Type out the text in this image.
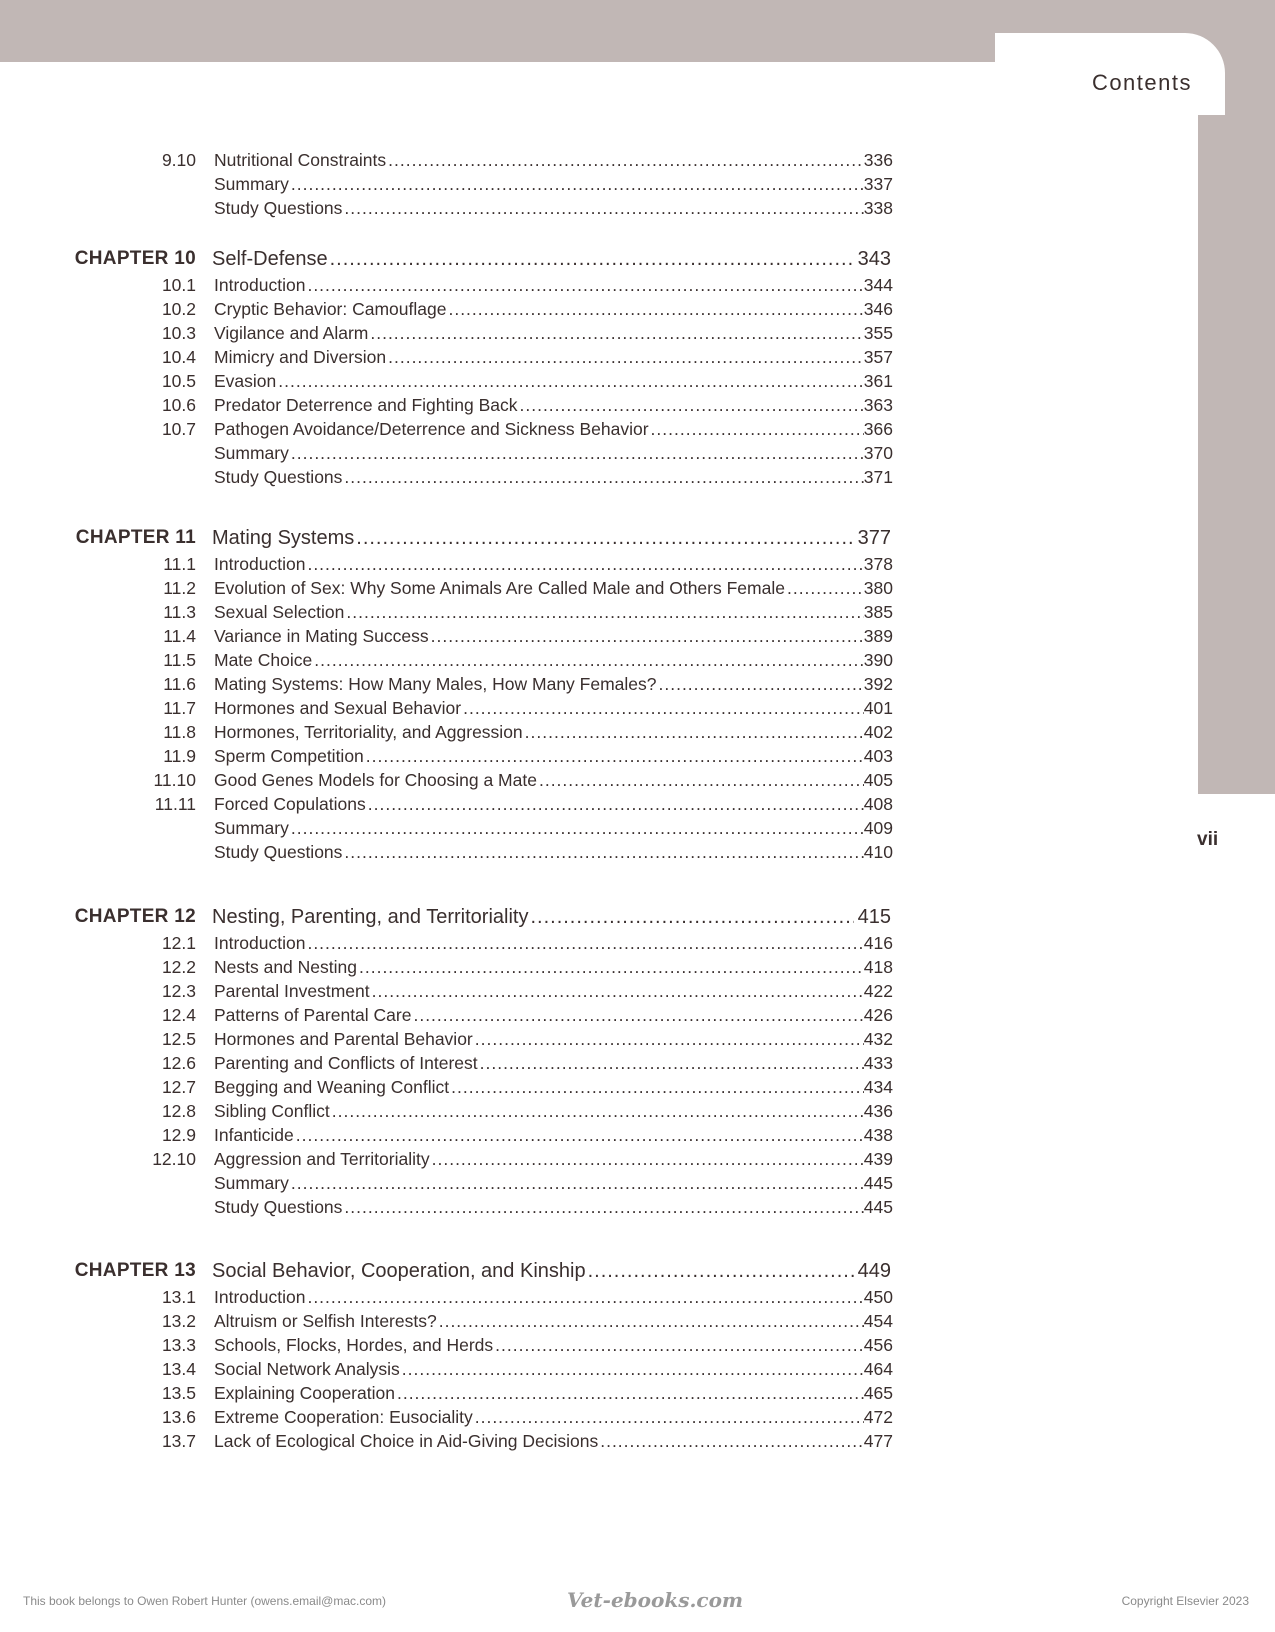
Contents
vii
9.10 Nutritional Constraints .....	336
Summary .....	337
Study Questions .....	338
CHAPTER 10 Self-Defense .....	343
10.1 Introduction .....	344
10.2 Cryptic Behavior: Camouflage .....	346
10.3 Vigilance and Alarm .....	355
10.4 Mimicry and Diversion .....	357
10.5 Evasion .....	361
10.6 Predator Deterrence and Fighting Back .....	363
10.7 Pathogen Avoidance/Deterrence and Sickness Behavior .....	366
Summary .....	370
Study Questions .....	371
CHAPTER 11 Mating Systems .....	377
11.1 Introduction .....	378
11.2 Evolution of Sex: Why Some Animals Are Called Male and Others Female .....	380
11.3 Sexual Selection .....	385
11.4 Variance in Mating Success .....	389
11.5 Mate Choice .....	390
11.6 Mating Systems: How Many Males, How Many Females? .....	392
11.7 Hormones and Sexual Behavior .....	401
11.8 Hormones, Territoriality, and Aggression .....	402
11.9 Sperm Competition .....	403
11.10 Good Genes Models for Choosing a Mate .....	405
11.11 Forced Copulations .....	408
Summary .....	409
Study Questions .....	410
CHAPTER 12 Nesting, Parenting, and Territoriality .....	415
12.1 Introduction .....	416
12.2 Nests and Nesting .....	418
12.3 Parental Investment .....	422
12.4 Patterns of Parental Care .....	426
12.5 Hormones and Parental Behavior .....	432
12.6 Parenting and Conflicts of Interest .....	433
12.7 Begging and Weaning Conflict .....	434
12.8 Sibling Conflict .....	436
12.9 Infanticide .....	438
12.10 Aggression and Territoriality .....	439
Summary .....	445
Study Questions .....	445
CHAPTER 13 Social Behavior, Cooperation, and Kinship .....	449
13.1 Introduction .....	450
13.2 Altruism or Selfish Interests? .....	454
13.3 Schools, Flocks, Hordes, and Herds .....	456
13.4 Social Network Analysis .....	464
13.5 Explaining Cooperation .....	465
13.6 Extreme Cooperation: Eusociality .....	472
13.7 Lack of Ecological Choice in Aid-Giving Decisions .....	477
This book belongs to Owen Robert Hunter (owens.email@mac.com)	Vet-ebooks.com	Copyright Elsevier 2023
